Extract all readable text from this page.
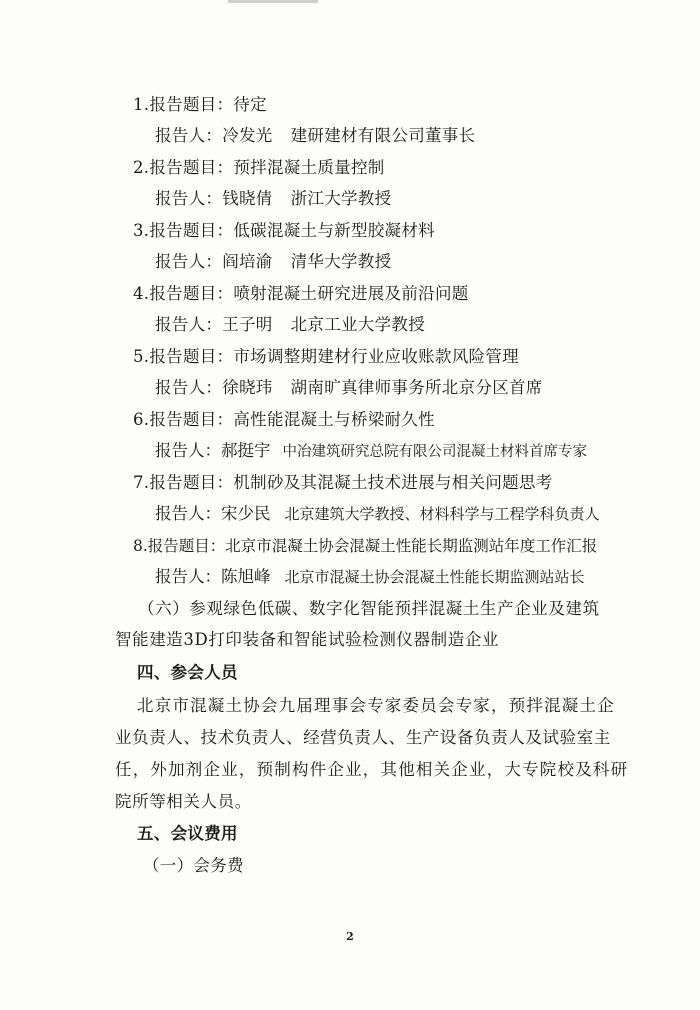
1.报告题目：待定
报告人：冷发光 建研建材有限公司董事长
2.报告题目：预拌混凝土质量控制
报告人：钱晓倩 浙江大学教授
3.报告题目：低碳混凝土与新型胶凝材料
报告人：阎培渝 清华大学教授
4.报告题目：喷射混凝土研究进展及前沿问题
报告人：王子明 北京工业大学教授
5.报告题目：市场调整期建材行业应收账款风险管理
报告人：徐晓玮 湖南旷真律师事务所北京分区首席
6.报告题目：高性能混凝土与桥梁耐久性
报告人：郝挺宇 中冶建筑研究总院有限公司混凝土材料首席专家
7.报告题目：机制砂及其混凝土技术进展与相关问题思考
报告人：宋少民 北京建筑大学教授、材料科学与工程学科负责人
8.报告题目：北京市混凝土协会混凝土性能长期监测站年度工作汇报
报告人：陈旭峰 北京市混凝土协会混凝土性能长期监测站站长
（六）参观绿色低碳、数字化智能预拌混凝土生产企业及建筑
智能建造3D打印装备和智能试验检测仪器制造企业
四、参会人员
北京市混凝土协会九届理事会专家委员会专家，预拌混凝土企
业负责人、技术负责人、经营负责人、生产设备负责人及试验室主
任，外加剂企业，预制构件企业，其他相关企业，大专院校及科研
院所等相关人员。
五、会议费用
（一）会务费
2
